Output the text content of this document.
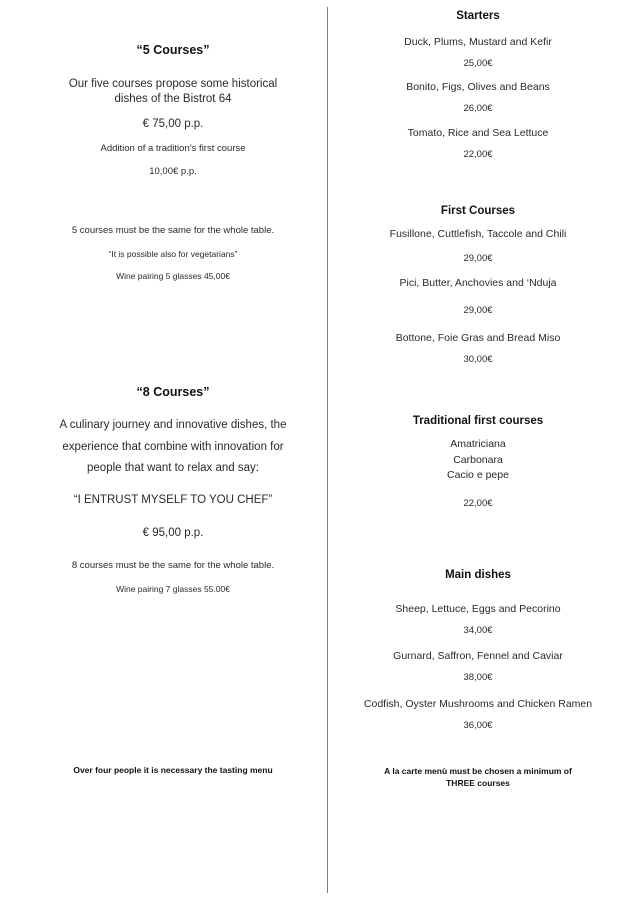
“5 Courses”
Our five courses propose some historical
dishes of the Bistrot 64
€ 75,00 p.p.
Addition of a tradition’s first course
10,00€ p.p.
5 courses must be the same for the whole table.
“It is possible also for vegetarians”
Wine pairing 5 glasses 45,00€
“8 Courses”
A culinary journey and innovative dishes, the
experience that combine with innovation for
people that want to relax and say:
“I ENTRUST MYSELF TO YOU CHEF”
€ 95,00 p.p.
8 courses must be the same for the whole table.
Wine pairing 7 glasses 55.00€
Over four people it is necessary the tasting menu
Starters
Duck, Plums, Mustard and Kefir
25,00€
Bonito, Figs, Olives and Beans
26,00€
Tomato, Rice and Sea Lettuce
22,00€
First Courses
Fusillone, Cuttlefish, Taccole and Chili
29,00€
Pici, Butter, Anchovies and ‘Nduja
29,00€
Bottone, Foie Gras and Bread Miso
30,00€
Traditional first courses
Amatriciana
Carbonara
Cacio e pepe
22,00€
Main dishes
Sheep, Lettuce, Eggs and Pecorino
34,00€
Gurnard, Saffron, Fennel and Caviar
38,00€
Codfish, Oyster Mushrooms and Chicken Ramen
36,00€
A la carte menù must be chosen a minimum of
THREE courses
